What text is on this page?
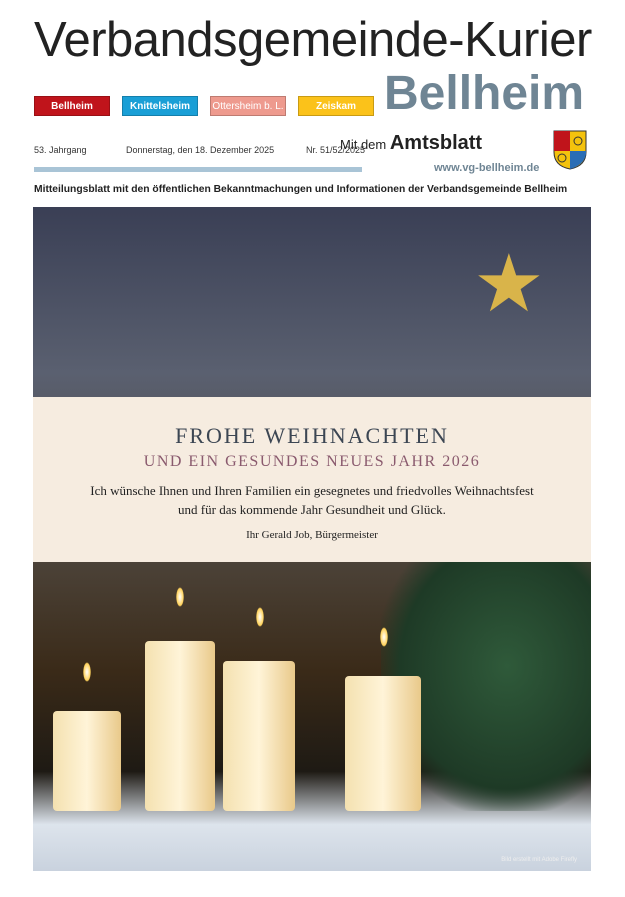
Verbandsgemeinde-Kurier
Bellheim	Knittelsheim	Ottersheim b. L.	Zeiskam Bellheim
53. Jahrgang	Donnerstag, den 18. Dezember 2025	Nr. 51/52/2025
Mit dem Amtsblatt
www.vg-bellheim.de
Mitteilungsblatt mit den öffentlichen Bekanntmachungen und Informationen der Verbandsgemeinde Bellheim
★
FROHE WEIHNACHTEN
UND EIN GESUNDES NEUES JAHR 2026
Ich wünsche Ihnen und Ihren Familien ein gesegnetes und friedvolles Weihnachtsfest
und für das kommende Jahr Gesundheit und Glück.
Ihr Gerald Job, Bürgermeister
Bild erstellt mit Adobe Firefly
